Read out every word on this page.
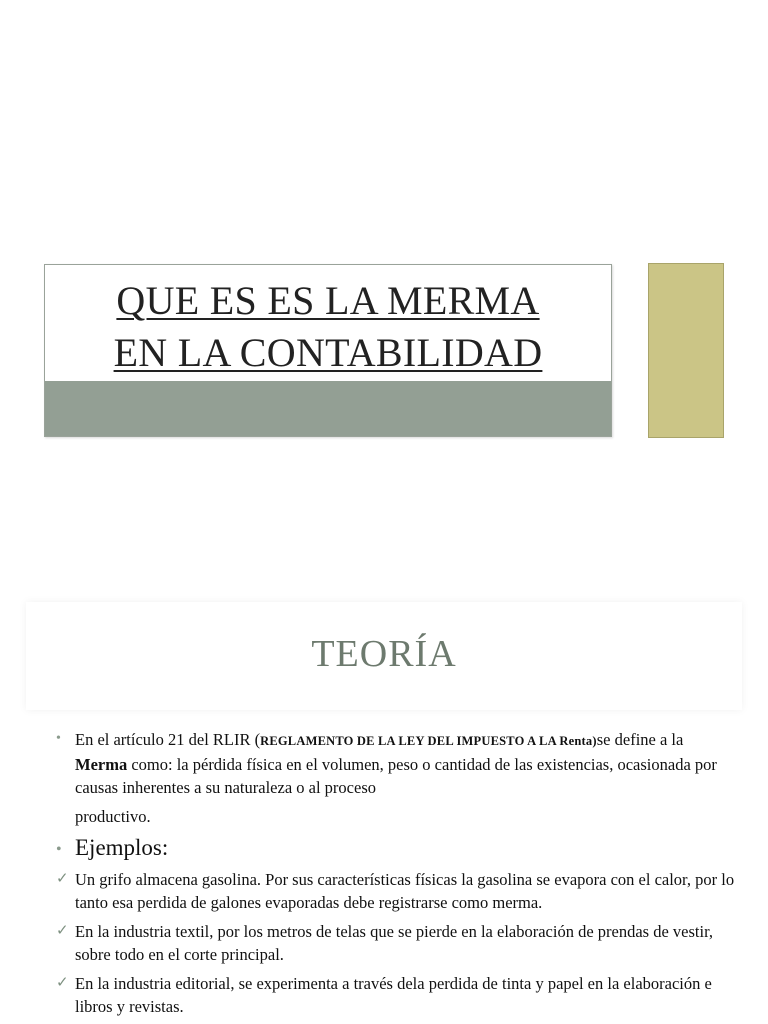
QUE ES ES LA MERMA
EN LA CONTABILIDAD
TEORÍA
• En el artículo 21 del RLIR (REGLAMENTO DE LA LEY DEL IMPUESTO A LA Renta)se define a la Merma como: la pérdida física en el volumen, peso o cantidad de las existencias, ocasionada por causas inherentes a su naturaleza o al proceso
productivo.
• Ejemplos:
✓ Un grifo almacena gasolina. Por sus características físicas la gasolina se evapora con el calor, por lo tanto esa perdida de galones evaporadas debe registrarse como merma.
✓ En la industria textil, por los metros de telas que se pierde en la elaboración de prendas de vestir, sobre todo en el corte principal.
✓ En la industria editorial, se experimenta a través dela perdida de tinta y papel en la elaboración e libros y revistas.
